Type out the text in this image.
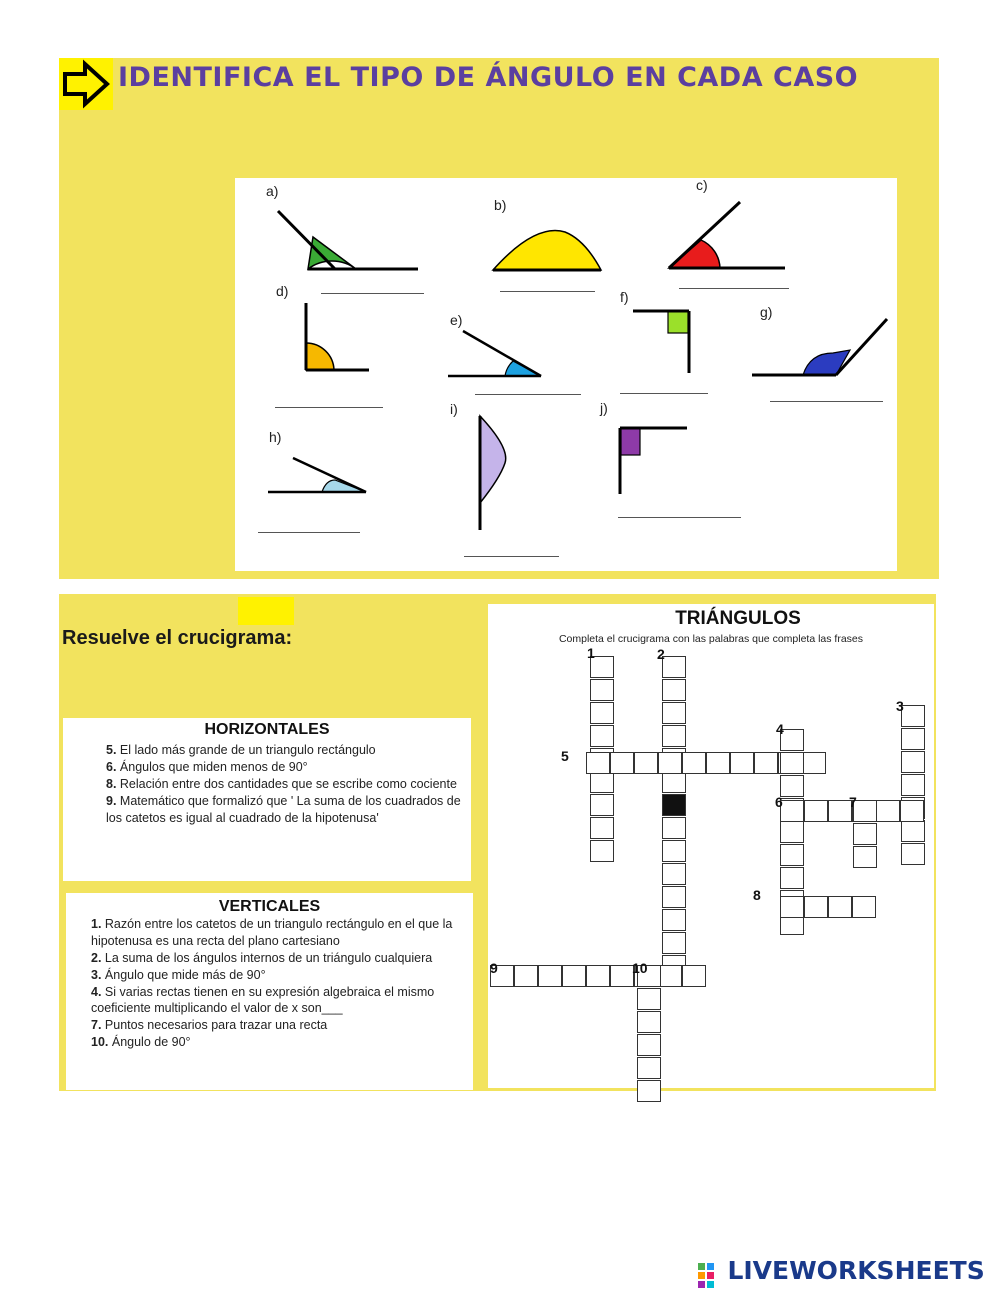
IDENTIFICA EL TIPO DE ÁNGULO EN CADA CASO
a)
b)
c)
d)
e)
f)
g)
h)
i)	j)
Resuelve el crucigrama:
HORIZONTALES
5. El lado más grande de un triangulo rectángulo
6. Ángulos que miden menos de 90°
8. Relación entre dos cantidades que se escribe como cociente
9. Matemático que formalizó que ' La suma de los cuadrados de los catetos es igual al cuadrado de la hipotenusa'
VERTICALES
1. Razón entre los catetos de un triangulo rectángulo en el que la hipotenusa es una recta del plano cartesiano
2. La suma de los ángulos internos de un triángulo cualquiera
3. Ángulo que mide más de 90°
4. Si varias rectas tienen en su expresión algebraica el mismo coeficiente multiplicando el valor de x son___
7. Puntos necesarios para trazar una recta
10. Ángulo de 90°
TRIÁNGULOS
Completa el crucigrama con las palabras que completa las frases
1	2
3
4
5
6	7
8
9	10
LIVEWORKSHEETS
